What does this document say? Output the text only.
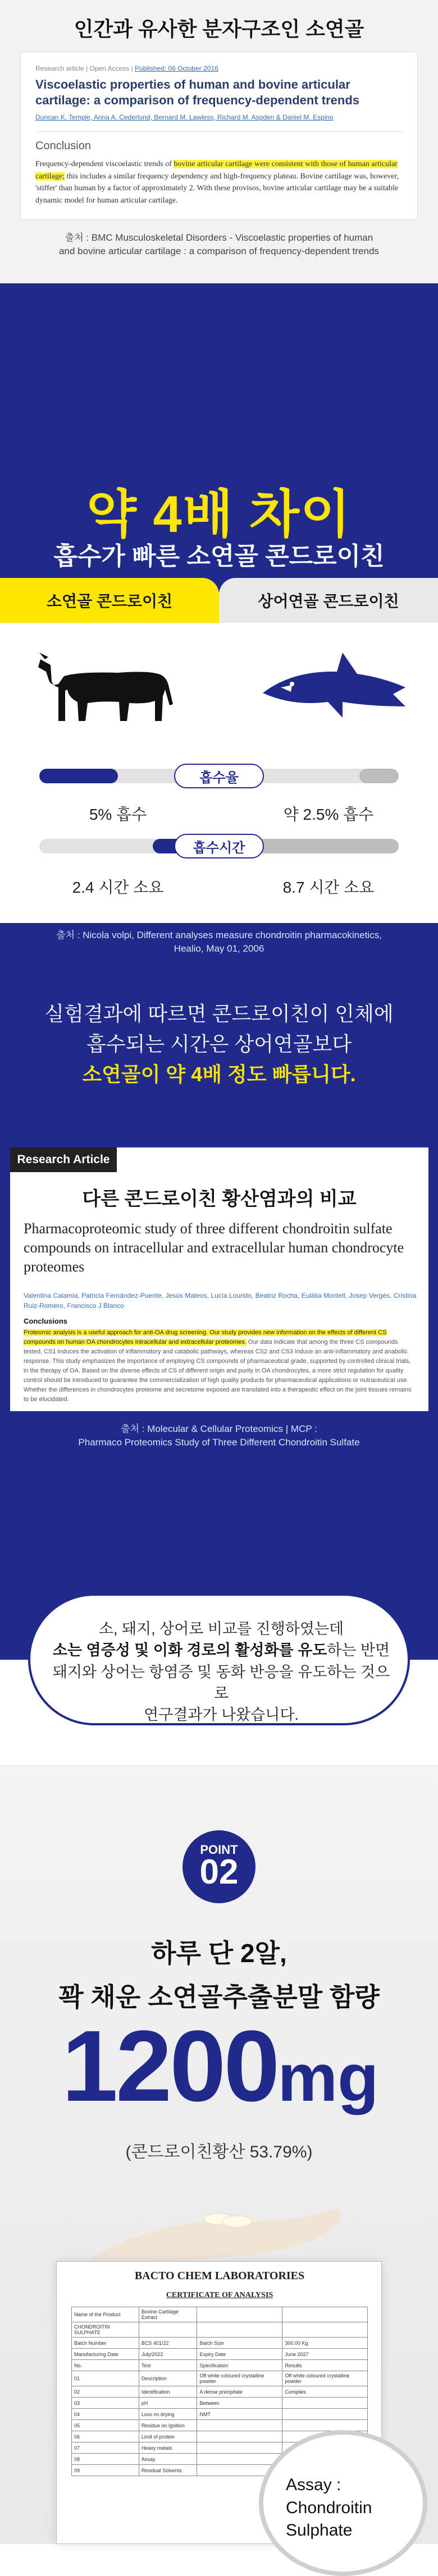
인간과 유사한 분자구조인 소연골
Research article | Open Access | Published: 06 October 2016
Viscoelastic properties of human and bovine articular cartilage: a comparison of frequency-dependent trends
Duncan K. Temple, Anna A. Cederlund, Bernard M. Lawless, Richard M. Aspden & Daniel M. Espino
Conclusion
Frequency-dependent viscoelastic trends of bovine articular cartilage were consistent with those of human articular cartilage; this includes a similar frequency dependency and high-frequency plateau. Bovine cartilage was, however, 'stiffer' than human by a factor of approximately 2. With these provisos, bovine articular cartilage may be a suitable dynamic model for human articular cartilage.
출처 : BMC Musculoskeletal Disorders - Viscoelastic properties of human
and bovine articular cartilage : a comparison of frequency-dependent trends
약 4배 차이
흡수가 빠른 소연골 콘드로이친
소연골 콘드로이친	상어연골 콘드로이친
흡수율
5% 흡수	약 2.5% 흡수
흡수시간
2.4 시간 소요	8.7 시간 소요
출처 : Nicola volpi, Different analyses measure chondroitin pharmacokinetics,
Healio, May 01, 2006
실험결과에 따르면 콘드로이친이 인체에
흡수되는 시간은 상어연골보다
소연골이 약 4배 정도 빠릅니다.
Research Article
다른 콘드로이친 황산염과의 비교
Pharmacoproteomic study of three different chondroitin sulfate compounds on intracellular and extracellular human chondrocyte proteomes
Valentina Calamia, Patricia Fernández-Puente, Jesús Mateos, Lucía Lourido, Beatriz Rocha, Eulália Montell, Josep Vergés, Cristina Ruiz-Romero, Francisco J Blanco
Conclusions
Proteomic analysis is a useful approach for anti-OA drug screening. Our study provides new information on the effects of different CS compounds on human OA chondrocytes intracellular and extracellular proteomes. Our data indicate that among the three CS compounds tested, CS1 induces the activation of inflammatory and catabolic pathways, whereas CS2 and CS3 induce an anti-inflammatory and anabolic response. This study emphasizes the importance of employing CS compounds of pharmaceutical grade, supported by controlled clinical trials, in the therapy of OA. Based on the diverse effects of CS of different origin and purity in OA chondrocytes, a more strict regulation for quality control should be introduced to guarantee the commercialization of high quality products for pharmaceutical applications or nutraceutical use. Whether the differences in chondrocytes proteome and secretome exposed are translated into a therapeutic effect on the joint tissues remains to be elucidated.
출처 : Molecular & Cellular Proteomics | MCP :
Pharmaco Proteomics Study of Three Different Chondroitin Sulfate
소, 돼지, 상어로 비교를 진행하였는데
소는 염증성 및 이화 경로의 활성화를 유도하는 반면
돼지와 상어는 항염증 및 동화 반응을 유도하는 것으로
연구결과가 나왔습니다.
POINT
02
하루 단 2알,
꽉 채운 소연골추출분말 함량
1200mg
(콘드로이친황산 53.79%)
BACTO CHEM LABORATORIES
CERTIFICATE OF ANALYSIS
Name of the Product	Bovine Cartilage Extract		
CHONDROITIN SULPHATE			
Batch Number	BCS 401/22	Batch Size	300.00 Kg
Manufacturing Date	July/2022	Expiry Date	June 2027
No.	Test	Specification	Results
01	Description	Off white coloured crystalline powder	Off white coloured crystalline powder
02	Identification	A dense precipitate	Complies
03	pH	Between	
04	Loss on drying	NMT	
05	Residue on Ignition		
06	Limit of protein		
07	Heavy metals		
08	Assay		
09	Residual Solvents		
Assay :
Chondroitin Sulphate
